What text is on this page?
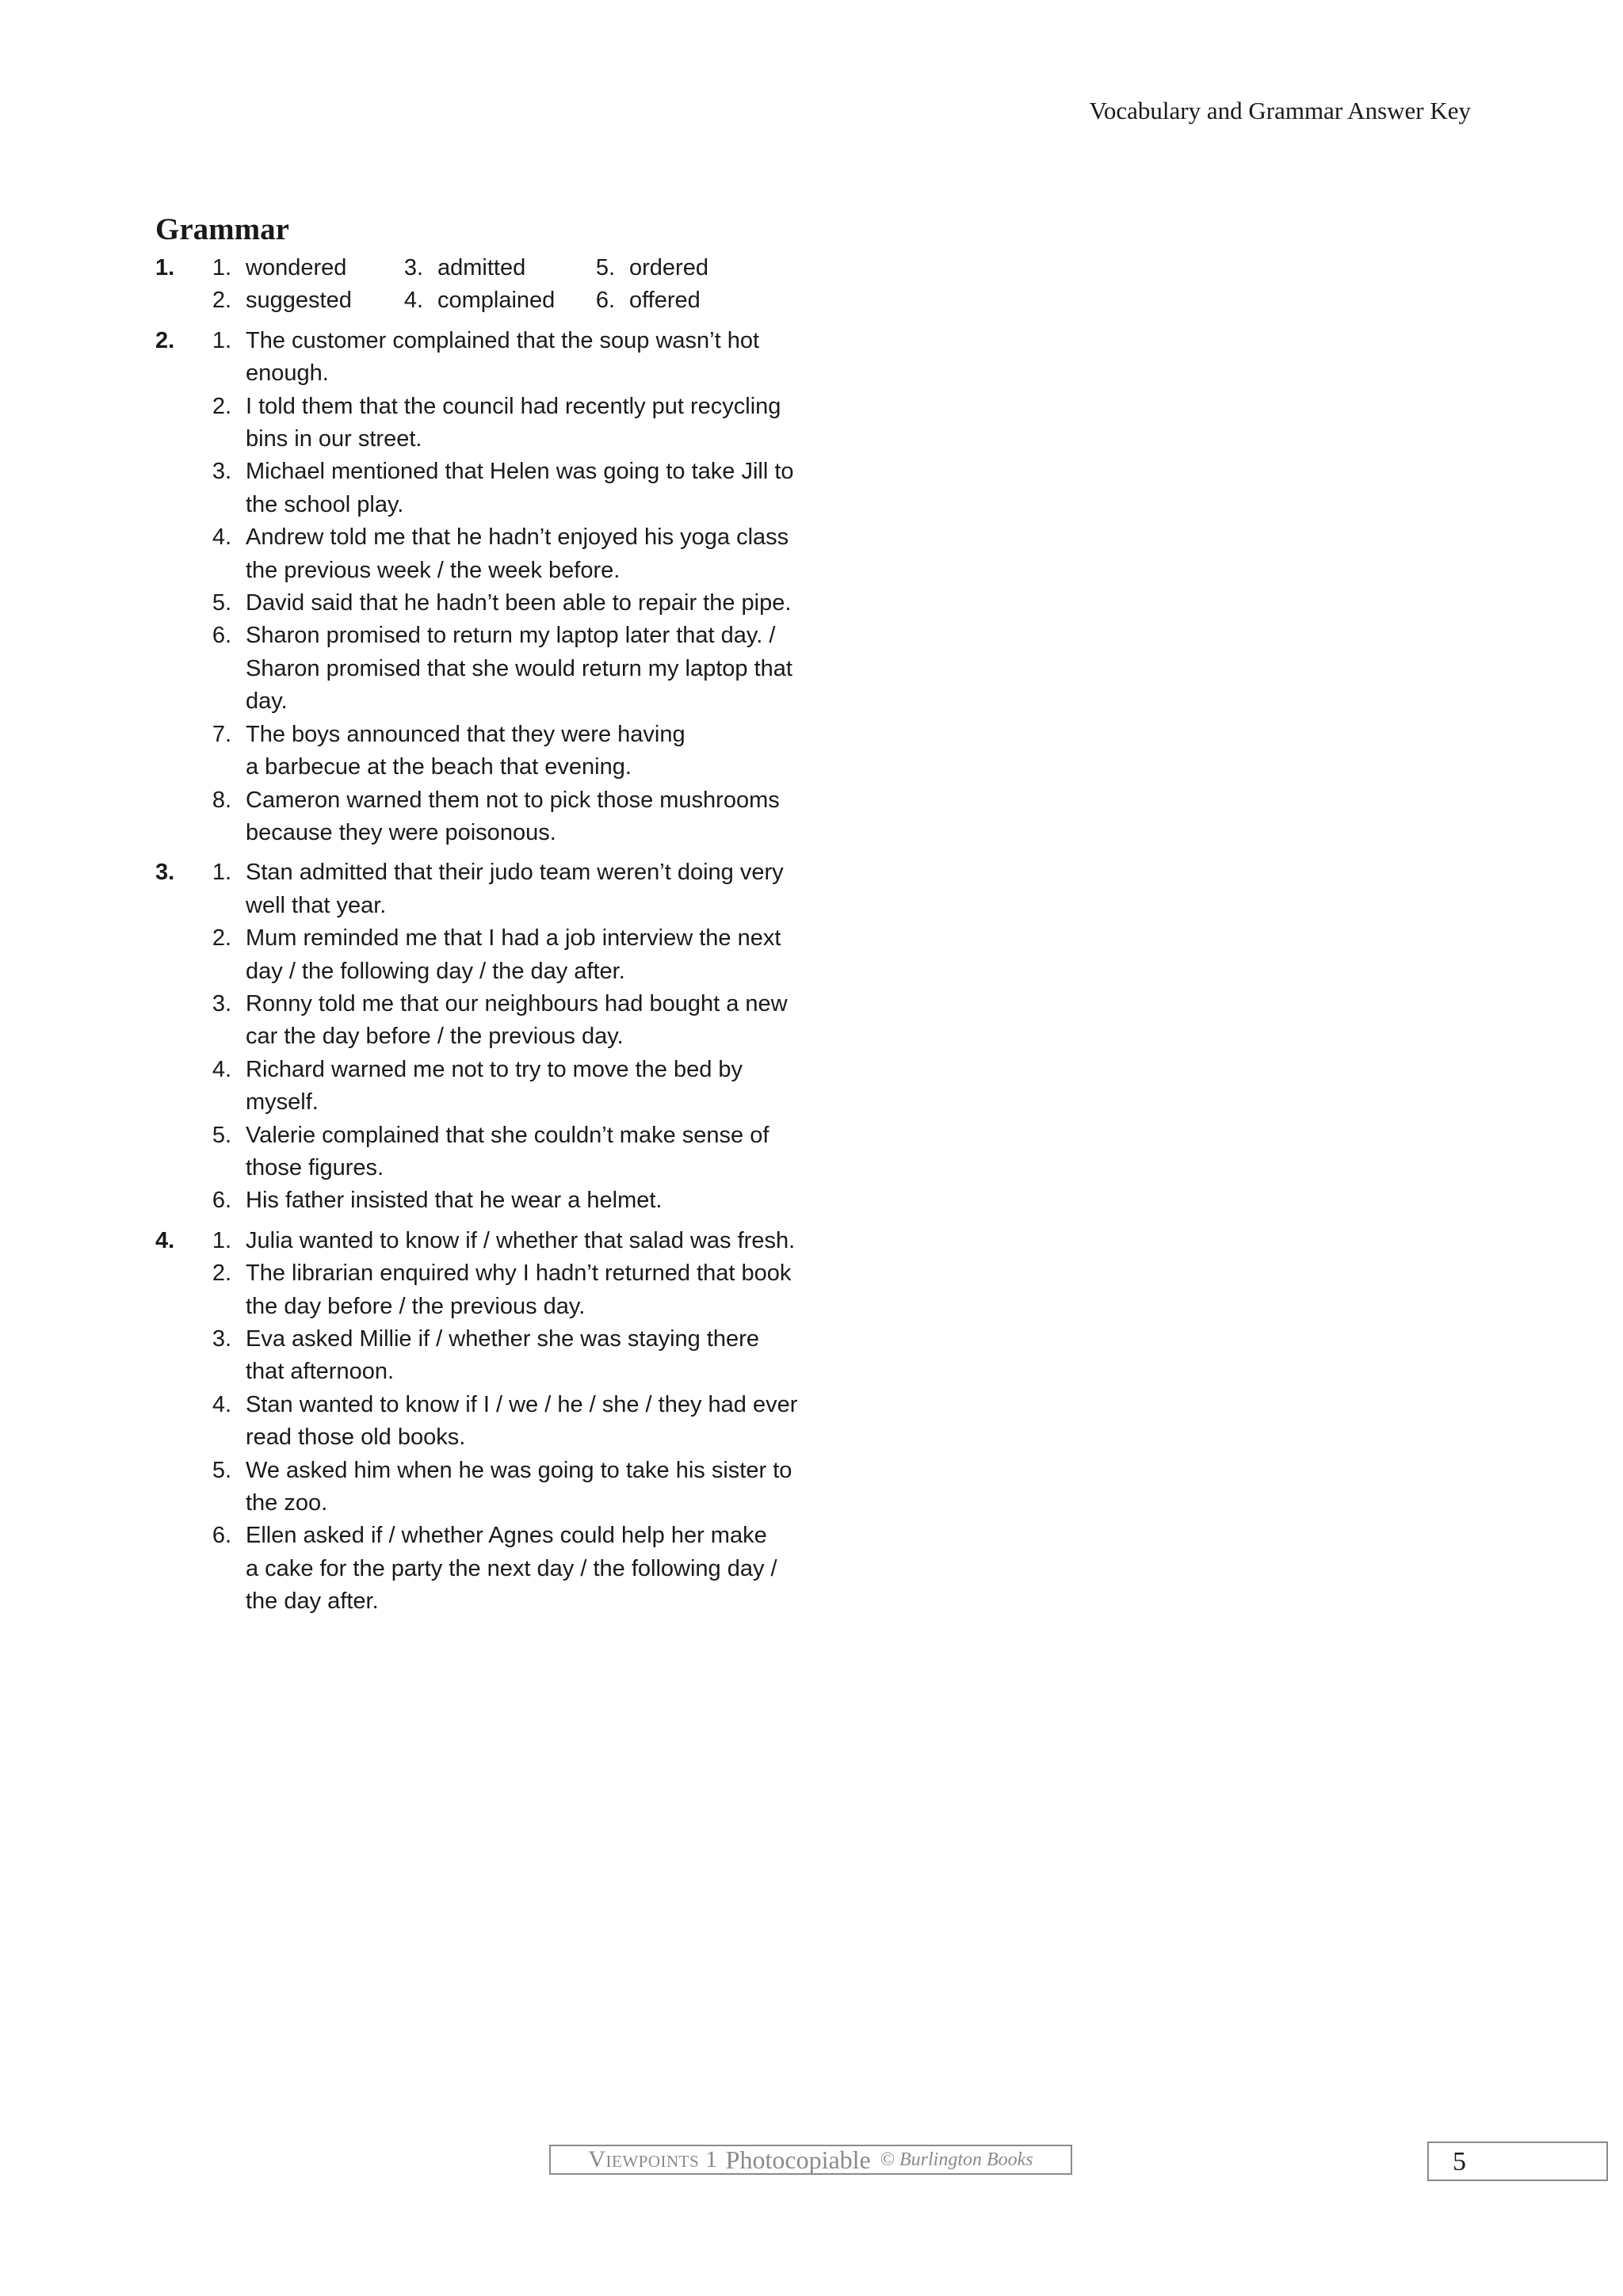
Vocabulary and Grammar Answer Key
Grammar
1.	1. wondered	3. admitted	5. ordered
2. suggested	4. complained	6. offered
2.	1. The customer complained that the soup wasn’t hot
enough.
2. I told them that the council had recently put recycling
bins in our street.
3. Michael mentioned that Helen was going to take Jill to
the school play.
4. Andrew told me that he hadn’t enjoyed his yoga class
the previous week / the week before.
5. David said that he hadn’t been able to repair the pipe.
6. Sharon promised to return my laptop later that day. /
Sharon promised that she would return my laptop that
day.
7. The boys announced that they were having
a barbecue at the beach that evening.
8. Cameron warned them not to pick those mushrooms
because they were poisonous.
3.	1. Stan admitted that their judo team weren’t doing very
well that year.
2. Mum reminded me that I had a job interview the next
day / the following day / the day after.
3. Ronny told me that our neighbours had bought a new
car the day before / the previous day.
4. Richard warned me not to try to move the bed by
myself.
5. Valerie complained that she couldn’t make sense of
those figures.
6. His father insisted that he wear a helmet.
4.	1. Julia wanted to know if / whether that salad was fresh.
2. The librarian enquired why I hadn’t returned that book
the day before / the previous day.
3. Eva asked Millie if / whether she was staying there
that afternoon.
4. Stan wanted to know if I / we / he / she / they had ever
read those old books.
5. We asked him when he was going to take his sister to
the zoo.
6. Ellen asked if / whether Agnes could help her make
a cake for the party the next day / the following day /
the day after.
Viewpoints 1 Photocopiable © Burlington Books	5
